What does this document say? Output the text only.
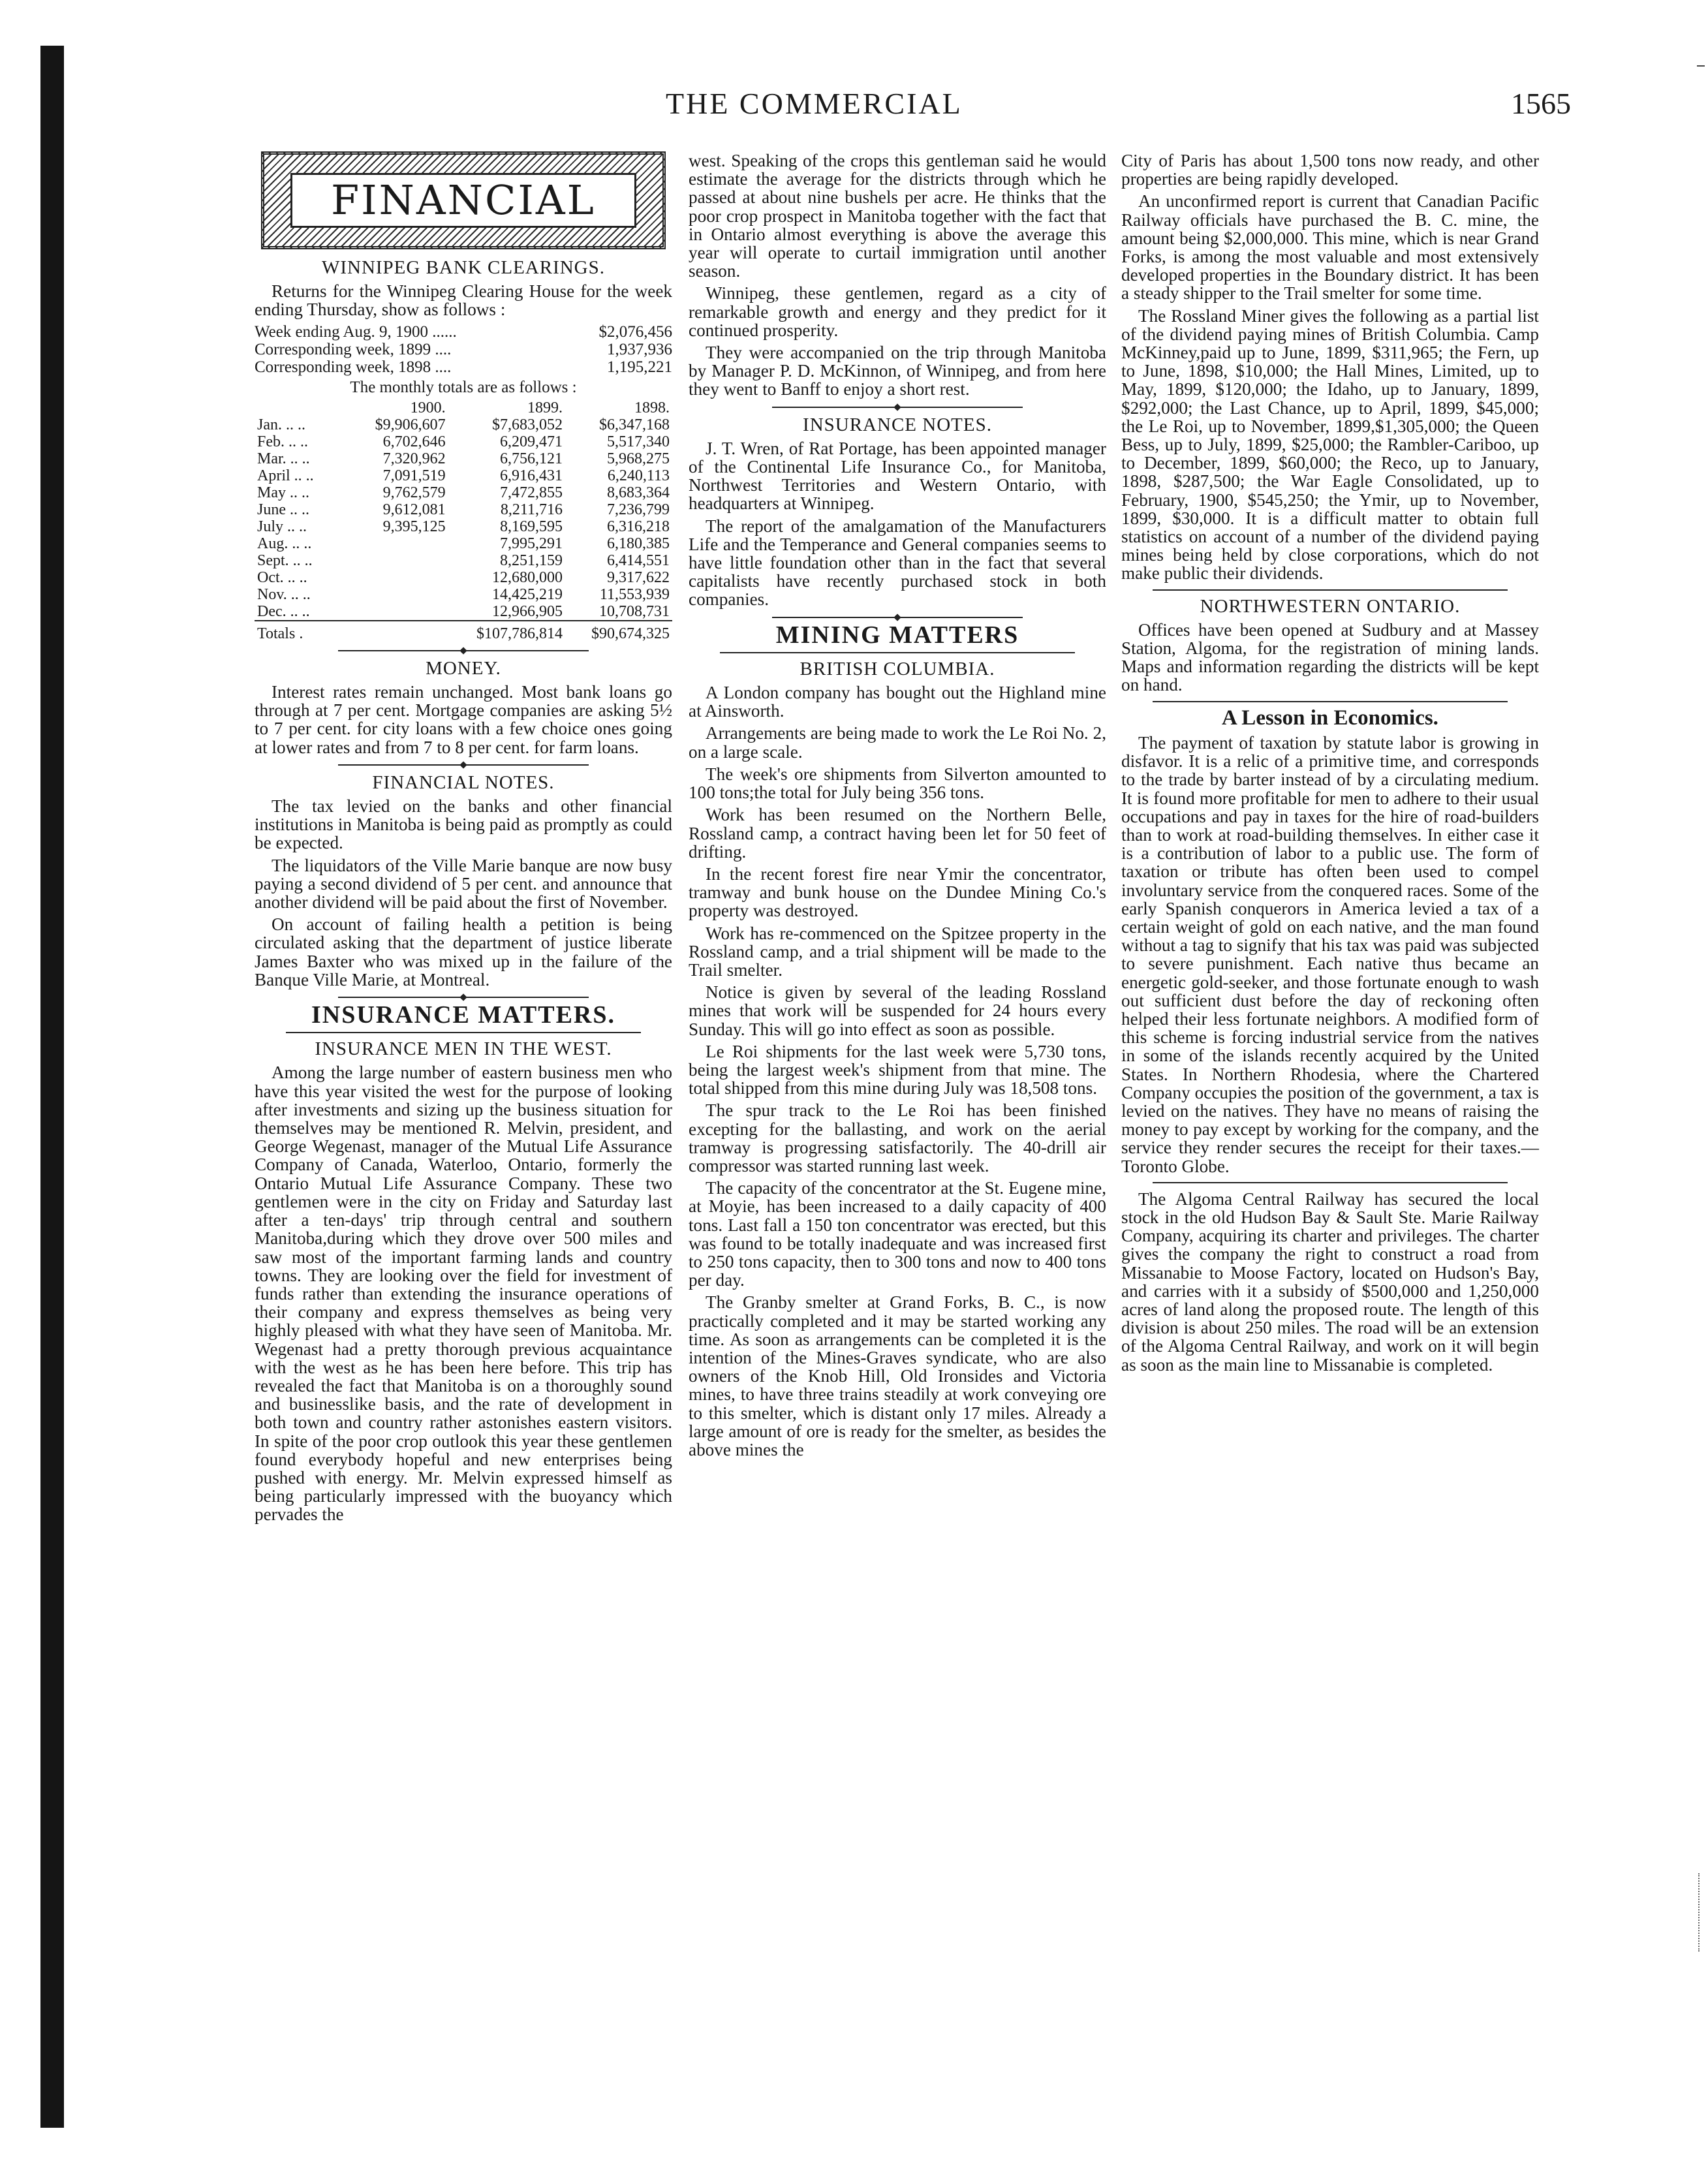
THE COMMERCIAL	1565
FINANCIAL
WINNIPEG BANK CLEARINGS.

Returns for the Winnipeg Clearing House for the week ending Thursday, show as follows :

Week ending Aug. 9, 1900 ......	$2,076,456
Corresponding week, 1899 ....	1,937,936
Corresponding week, 1898 ....	1,195,221
The monthly totals are as follows :
	1900.	1899.	1898.
Jan. .. ..	$9,906,607	$7,683,052	$6,347,168
Feb. .. ..	6,702,646	6,209,471	5,517,340
Mar. .. ..	7,320,962	6,756,121	5,968,275
April .. ..	7,091,519	6,916,431	6,240,113
May .. ..	9,762,579	7,472,855	8,683,364
June .. ..	9,612,081	8,211,716	7,236,799
July .. ..	9,395,125	8,169,595	6,316,218
Aug. .. ..		7,995,291	6,180,385
Sept. .. ..		8,251,159	6,414,551
Oct. .. ..		12,680,000	9,317,622
Nov. .. ..		14,425,219	11,553,939
Dec. .. ..		12,966,905	10,708,731
Totals .		$107,786,814	$90,674,325
MONEY.

Interest rates remain unchanged. Most bank loans go through at 7 per cent. Mortgage companies are asking 5½ to 7 per cent. for city loans with a few choice ones going at lower rates and from 7 to 8 per cent. for farm loans.

FINANCIAL NOTES.

The tax levied on the banks and other financial institutions in Manitoba is being paid as promptly as could be expected.

The liquidators of the Ville Marie banque are now busy paying a second dividend of 5 per cent. and announce that another dividend will be paid about the first of November.

On account of failing health a petition is being circulated asking that the department of justice liberate James Baxter who was mixed up in the failure of the Banque Ville Marie, at Montreal.

INSURANCE MATTERS.
INSURANCE MEN IN THE WEST.

Among the large number of eastern business men who have this year visited the west for the purpose of looking after investments and sizing up the business situation for themselves may be mentioned R. Melvin, president, and George Wegenast, manager of the Mutual Life Assurance Company of Canada, Waterloo, Ontario, formerly the Ontario Mutual Life Assurance Company. These two gentlemen were in the city on Friday and Saturday last after a ten-days' trip through central and southern Manitoba,during which they drove over 500 miles and saw most of the important farming lands and country towns. They are looking over the field for investment of funds rather than extending the insurance operations of their company and express themselves as being very highly pleased with what they have seen of Manitoba. Mr. Wegenast had a pretty thorough previous acquaintance with the west as he has been here before. This trip has revealed the fact that Manitoba is on a thoroughly sound and businesslike basis, and the rate of development in both town and country rather astonishes eastern visitors. In spite of the poor crop outlook this year these gentlemen found everybody hopeful and new enterprises being pushed with energy. Mr. Melvin expressed himself as being particularly impressed with the buoyancy which pervades the

west. Speaking of the crops this gentleman said he would estimate the average for the districts through which he passed at about nine bushels per acre. He thinks that the poor crop prospect in Manitoba together with the fact that in Ontario almost everything is above the average this year will operate to curtail immigration until another season.

Winnipeg, these gentlemen, regard as a city of remarkable growth and energy and they predict for it continued prosperity.

They were accompanied on the trip through Manitoba by Manager P. D. McKinnon, of Winnipeg, and from here they went to Banff to enjoy a short rest.

INSURANCE NOTES.

J. T. Wren, of Rat Portage, has been appointed manager of the Continental Life Insurance Co., for Manitoba, Northwest Territories and Western Ontario, with headquarters at Winnipeg.

The report of the amalgamation of the Manufacturers Life and the Temperance and General companies seems to have little foundation other than in the fact that several capitalists have recently purchased stock in both companies.

MINING MATTERS
BRITISH COLUMBIA.

A London company has bought out the Highland mine at Ainsworth.

Arrangements are being made to work the Le Roi No. 2, on a large scale.

The week's ore shipments from Silverton amounted to 100 tons;the total for July being 356 tons.

Work has been resumed on the Northern Belle, Rossland camp, a contract having been let for 50 feet of drifting.

In the recent forest fire near Ymir the concentrator, tramway and bunk house on the Dundee Mining Co.'s property was destroyed.

Work has re-commenced on the Spitzee property in the Rossland camp, and a trial shipment will be made to the Trail smelter.

Notice is given by several of the leading Rossland mines that work will be suspended for 24 hours every Sunday. This will go into effect as soon as possible.

Le Roi shipments for the last week were 5,730 tons, being the largest week's shipment from that mine. The total shipped from this mine during July was 18,508 tons.

The spur track to the Le Roi has been finished excepting for the ballasting, and work on the aerial tramway is progressing satisfactorily. The 40-drill air compressor was started running last week.

The capacity of the concentrator at the St. Eugene mine, at Moyie, has been increased to a daily capacity of 400 tons. Last fall a 150 ton concentrator was erected, but this was found to be totally inadequate and was increased first to 250 tons capacity, then to 300 tons and now to 400 tons per day.

The Granby smelter at Grand Forks, B. C., is now practically completed and it may be started working any time. As soon as arrangements can be completed it is the intention of the Mines-Graves syndicate, who are also owners of the Knob Hill, Old Ironsides and Victoria mines, to have three trains steadily at work conveying ore to this smelter, which is distant only 17 miles. Already a large amount of ore is ready for the smelter, as besides the above mines the

City of Paris has about 1,500 tons now ready, and other properties are being rapidly developed.

An unconfirmed report is current that Canadian Pacific Railway officials have purchased the B. C. mine, the amount being $2,000,000. This mine, which is near Grand Forks, is among the most valuable and most extensively developed properties in the Boundary district. It has been a steady shipper to the Trail smelter for some time.

The Rossland Miner gives the following as a partial list of the dividend paying mines of British Columbia. Camp McKinney,paid up to June, 1899, $311,965; the Fern, up to June, 1898, $10,000; the Hall Mines, Limited, up to May, 1899, $120,000; the Idaho, up to January, 1899, $292,000; the Last Chance, up to April, 1899, $45,000; the Le Roi, up to November, 1899,$1,305,000; the Queen Bess, up to July, 1899, $25,000; the Rambler-Cariboo, up to December, 1899, $60,000; the Reco, up to January, 1898, $287,500; the War Eagle Consolidated, up to February, 1900, $545,250; the Ymir, up to November, 1899, $30,000. It is a difficult matter to obtain full statistics on account of a number of the dividend paying mines being held by close corporations, which do not make public their dividends.

NORTHWESTERN ONTARIO.

Offices have been opened at Sudbury and at Massey Station, Algoma, for the registration of mining lands. Maps and information regarding the districts will be kept on hand.

A Lesson in Economics.

The payment of taxation by statute labor is growing in disfavor. It is a relic of a primitive time, and corresponds to the trade by barter instead of by a circulating medium. It is found more profitable for men to adhere to their usual occupations and pay in taxes for the hire of road-builders than to work at road-building themselves. In either case it is a contribution of labor to a public use. The form of taxation or tribute has often been used to compel involuntary service from the conquered races. Some of the early Spanish conquerors in America levied a tax of a certain weight of gold on each native, and the man found without a tag to signify that his tax was paid was subjected to severe punishment. Each native thus became an energetic gold-seeker, and those fortunate enough to wash out sufficient dust before the day of reckoning often helped their less fortunate neighbors. A modified form of this scheme is forcing industrial service from the natives in some of the islands recently acquired by the United States. In Northern Rhodesia, where the Chartered Company occupies the position of the government, a tax is levied on the natives. They have no means of raising the money to pay except by working for the company, and the service they render secures the receipt for their taxes.—Toronto Globe.

The Algoma Central Railway has secured the local stock in the old Hudson Bay & Sault Ste. Marie Railway Company, acquiring its charter and privileges. The charter gives the company the right to construct a road from Missanabie to Moose Factory, located on Hudson's Bay, and carries with it a subsidy of $500,000 and 1,250,000 acres of land along the proposed route. The length of this division is about 250 miles. The road will be an extension of the Algoma Central Railway, and work on it will begin as soon as the main line to Missanabie is completed.
